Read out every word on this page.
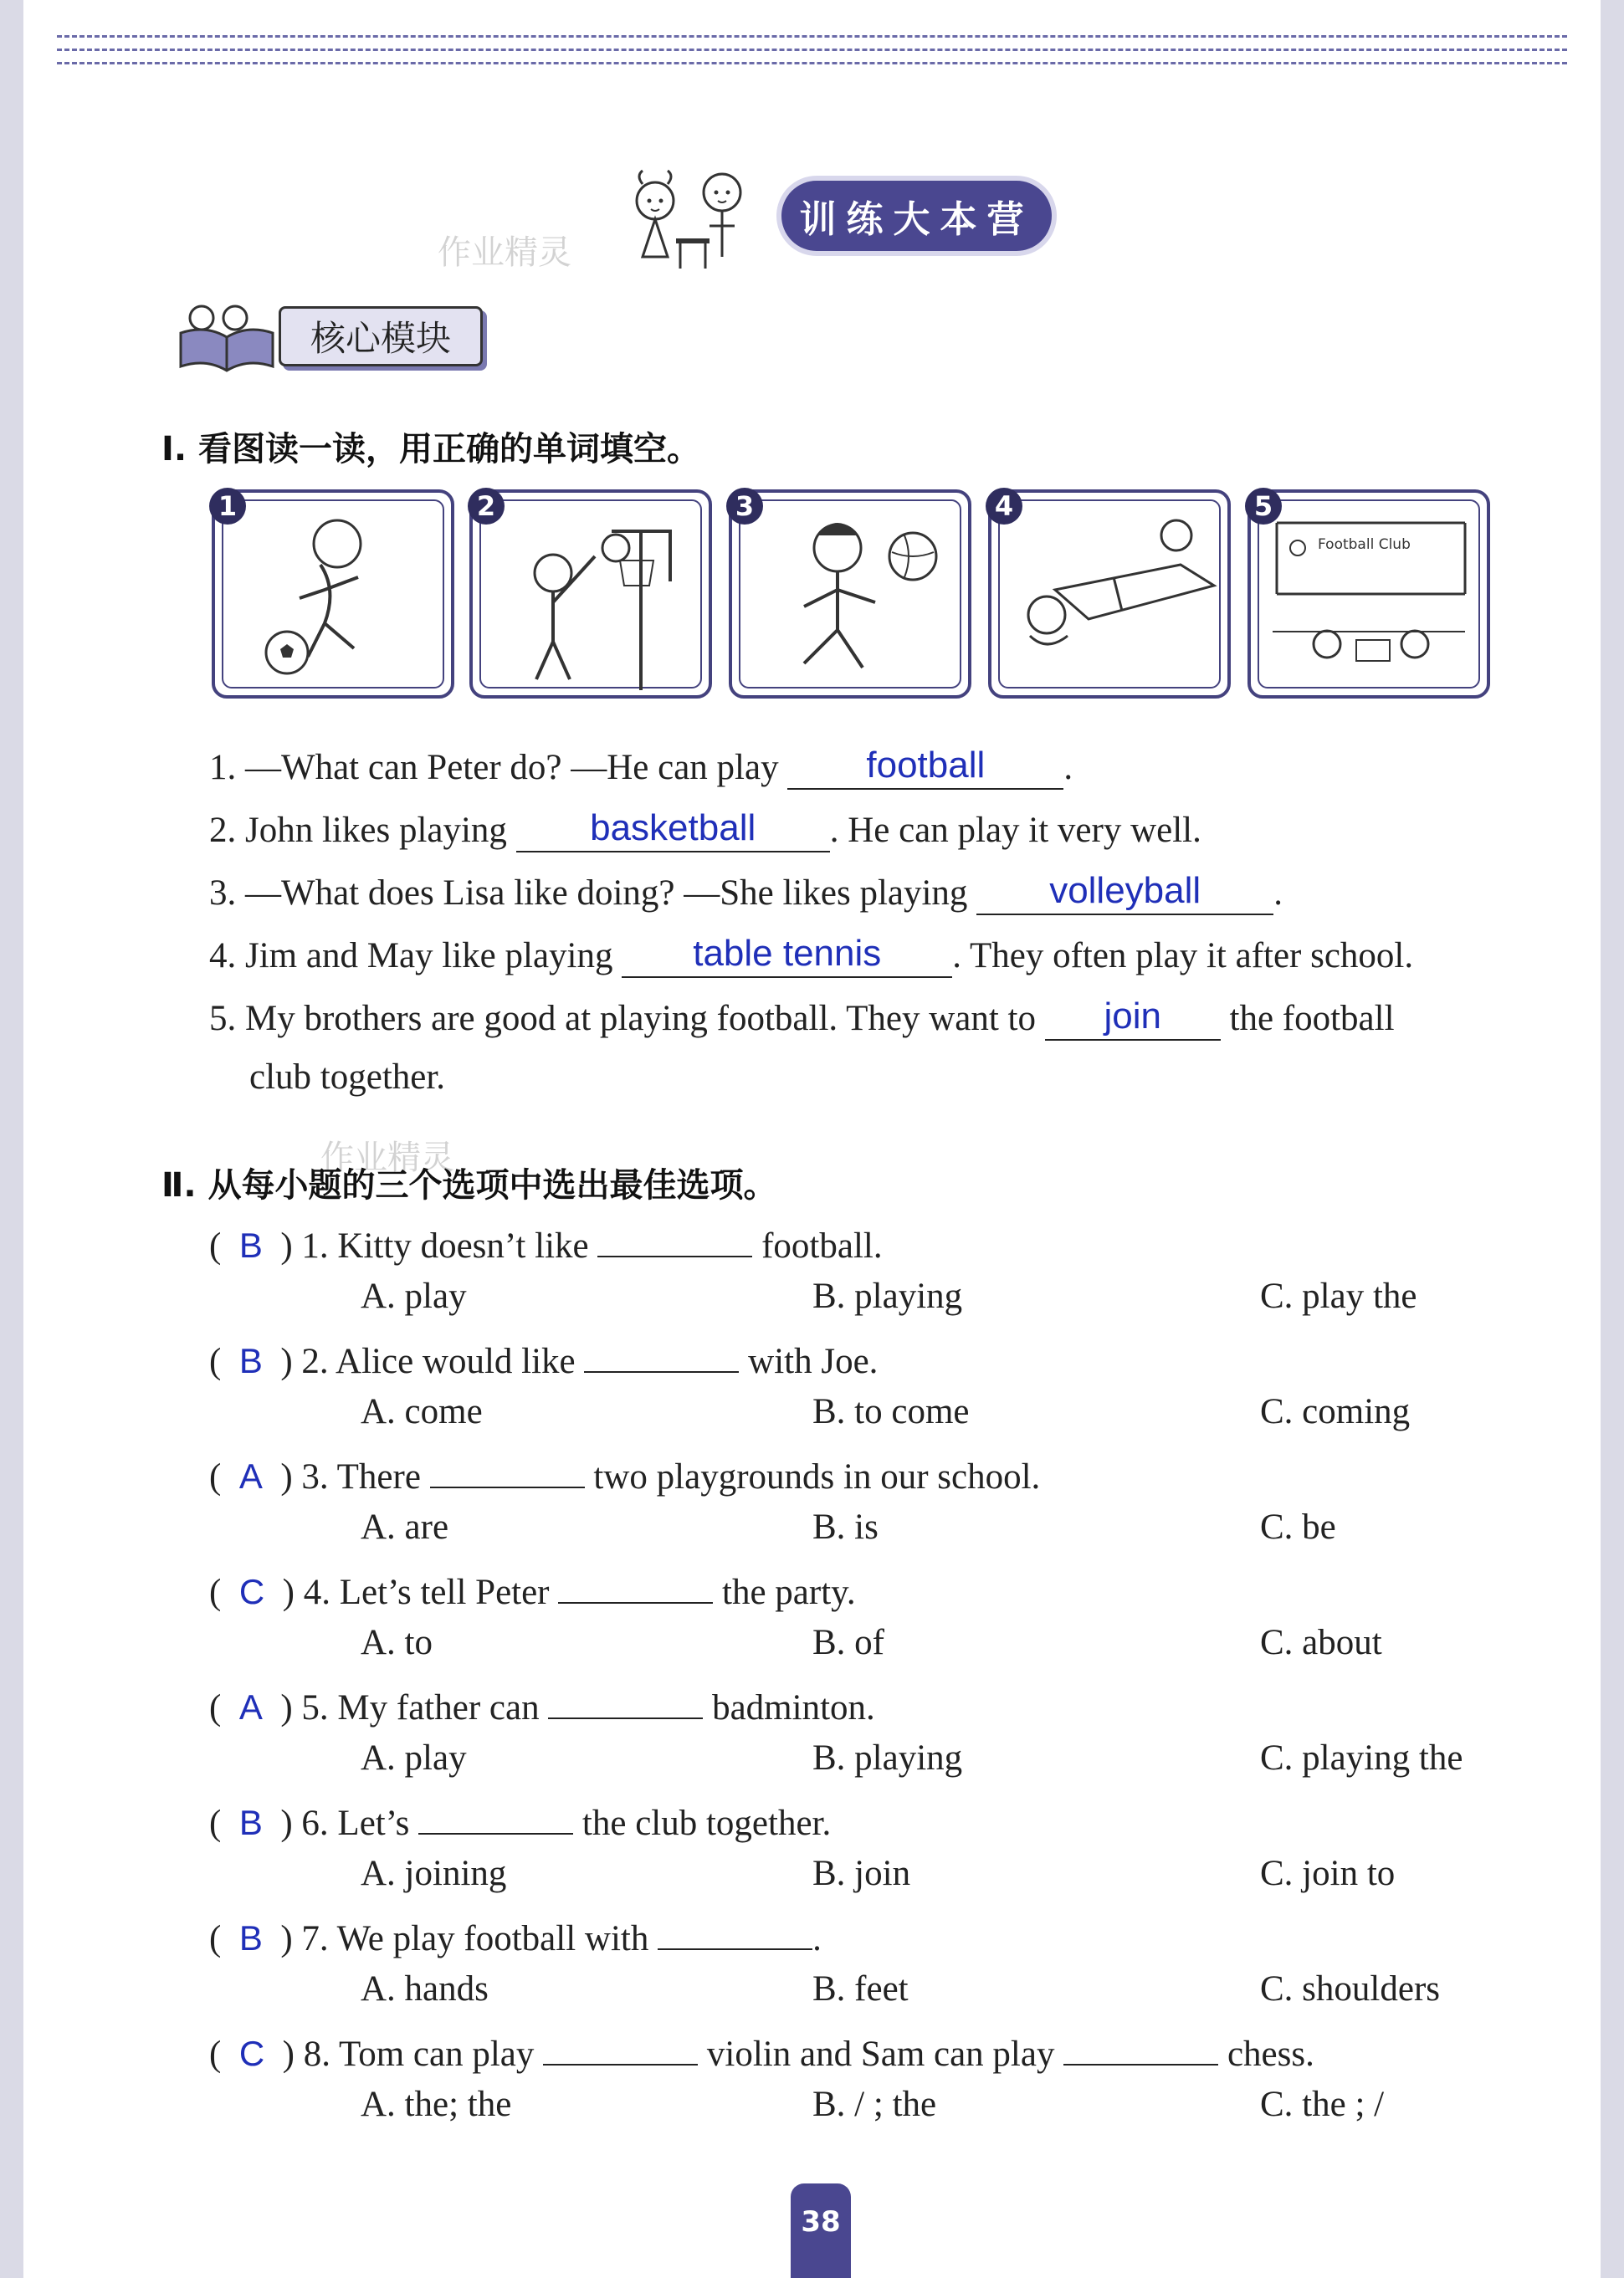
作业精灵
训练大本营
核心模块
Ⅰ. 看图读一读，用正确的单词填空。
1	2	3	4
Football Club
5
1. —What can Peter do? —He can play	football	.
2. John likes playing	basketball	. He can play it very well.
3. —What does Lisa like doing? —She likes playing	volleyball	.
4. Jim and May like playing	table tennis	. They often play it after school.
5. My brothers are good at playing football. They want to	join	the football
club together.
作业精灵
Ⅱ. 从每小题的三个选项中选出最佳选项。
(  B  ) 1. Kitty doesn’t like	football.
A. play	B. playing	C. play the
(  B  ) 2. Alice would like	with Joe.
A. come	B. to come	C. coming
(  A  ) 3. There	two playgrounds in our school.
A. are	B. is	C. be
(  C  ) 4. Let’s tell Peter	the party.
A. to	B. of	C. about
(  A  ) 5. My father can	badminton.
A. play	B. playing	C. playing the
(  B  ) 6. Let’s	the club together.
A. joining	B. join	C. join to
(  B  ) 7. We play football with	.
A. hands	B. feet	C. shoulders
(  C  ) 8. Tom can play	violin and Sam can play	chess.
A. the; the	B. / ; the	C. the ; /
38
